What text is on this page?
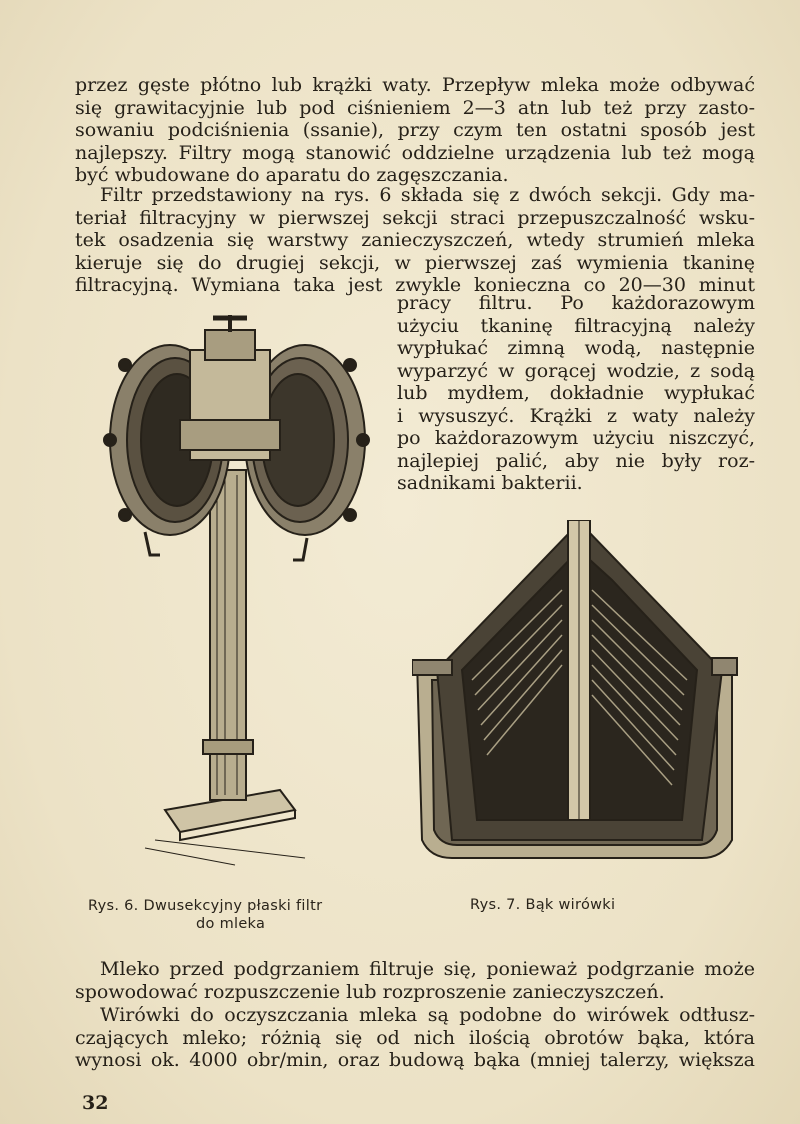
przez gęste płótno lub krążki waty. Przepływ mleka może odbywać
się grawitacyjnie lub pod ciśnieniem 2—3 atn lub też przy zasto-
sowaniu podciśnienia (ssanie), przy czym ten ostatni sposób jest
najlepszy. Filtry mogą stanowić oddzielne urządzenia lub też mogą
być wbudowane do aparatu do zagęszczania.

Filtr przedstawiony na rys. 6 składa się z dwóch sekcji. Gdy ma-
teriał filtracyjny w pierwszej sekcji straci przepuszczalność wsku-
tek osadzenia się warstwy zanieczyszczeń, wtedy strumień mleka
kieruje się do drugiej sekcji, w pierwszej zaś wymienia tkaninę
filtracyjną. Wymiana taka jest zwykle konieczna co 20—30 minut

pracy filtru. Po każdorazowym
użyciu tkaninę filtracyjną należy
wypłukać zimną wodą, następnie
wyparzyć w gorącej wodzie, z sodą
lub mydłem, dokładnie wypłukać
i wysuszyć. Krążki z waty należy
po każdorazowym użyciu niszczyć,
najlepiej palić, aby nie były roz-
sadnikami bakterii.

Rys. 6. Dwusekcyjny płaski filtr
do mleka
Rys. 7. Bąk wirówki

Mleko przed podgrzaniem filtruje się, ponieważ podgrzanie może
spowodować rozpuszczenie lub rozproszenie zanieczyszczeń.

Wirówki do oczyszczania mleka są podobne do wirówek odtłusz-
czających mleko; różnią się od nich ilością obrotów bąka, która
wynosi ok. 4000 obr/min, oraz budową bąka (mniej talerzy, większa

32
